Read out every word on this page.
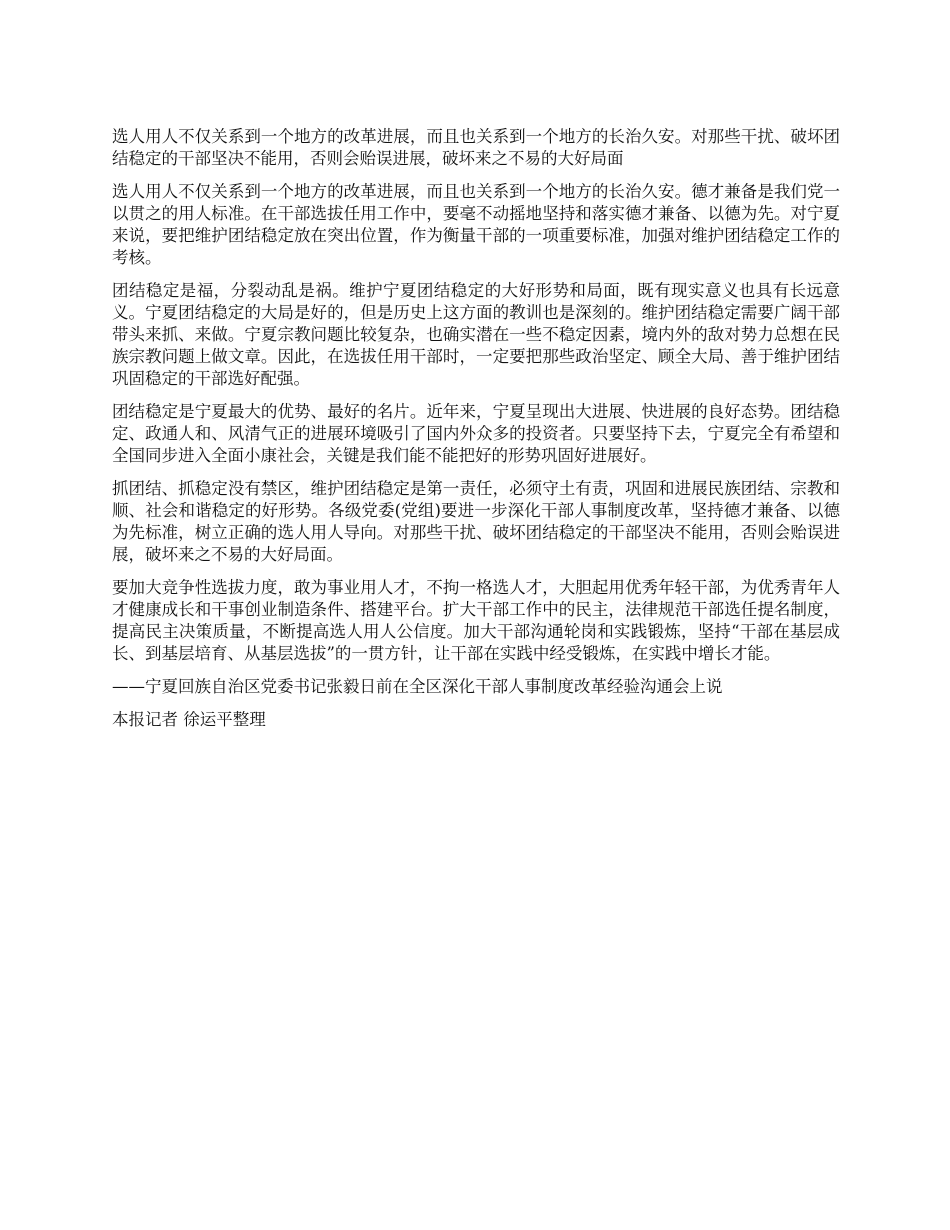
选人用人不仅关系到一个地方的改革进展，而且也关系到一个地方的长治久安。对那些干扰、破坏团结稳定的干部坚决不能用，否则会贻误进展，破坏来之不易的大好局面

选人用人不仅关系到一个地方的改革进展，而且也关系到一个地方的长治久安。德才兼备是我们党一以贯之的用人标准。在干部选拔任用工作中，要毫不动摇地坚持和落实德才兼备、以德为先。对宁夏来说，要把维护团结稳定放在突出位置，作为衡量干部的一项重要标准，加强对维护团结稳定工作的考核。

团结稳定是福，分裂动乱是祸。维护宁夏团结稳定的大好形势和局面，既有现实意义也具有长远意义。宁夏团结稳定的大局是好的，但是历史上这方面的教训也是深刻的。维护团结稳定需要广阔干部带头来抓、来做。宁夏宗教问题比较复杂，也确实潜在一些不稳定因素，境内外的敌对势力总想在民族宗教问题上做文章。因此，在选拔任用干部时，一定要把那些政治坚定、顾全大局、善于维护团结巩固稳定的干部选好配强。

团结稳定是宁夏最大的优势、最好的名片。近年来，宁夏呈现出大进展、快进展的良好态势。团结稳定、政通人和、风清气正的进展环境吸引了国内外众多的投资者。只要坚持下去，宁夏完全有希望和全国同步进入全面小康社会，关键是我们能不能把好的形势巩固好进展好。

抓团结、抓稳定没有禁区，维护团结稳定是第一责任，必须守土有责，巩固和进展民族团结、宗教和顺、社会和谐稳定的好形势。各级党委(党组)要进一步深化干部人事制度改革，坚持德才兼备、以德为先标准，树立正确的选人用人导向。对那些干扰、破坏团结稳定的干部坚决不能用，否则会贻误进展，破坏来之不易的大好局面。

要加大竞争性选拔力度，敢为事业用人才，不拘一格选人才，大胆起用优秀年轻干部，为优秀青年人才健康成长和干事创业制造条件、搭建平台。扩大干部工作中的民主，法律规范干部选任提名制度，提高民主决策质量，不断提高选人用人公信度。加大干部沟通轮岗和实践锻炼，坚持“干部在基层成长、到基层培育、从基层选拔”的一贯方针，让干部在实践中经受锻炼，在实践中增长才能。

——宁夏回族自治区党委书记张毅日前在全区深化干部人事制度改革经验沟通会上说

本报记者 徐运平整理
